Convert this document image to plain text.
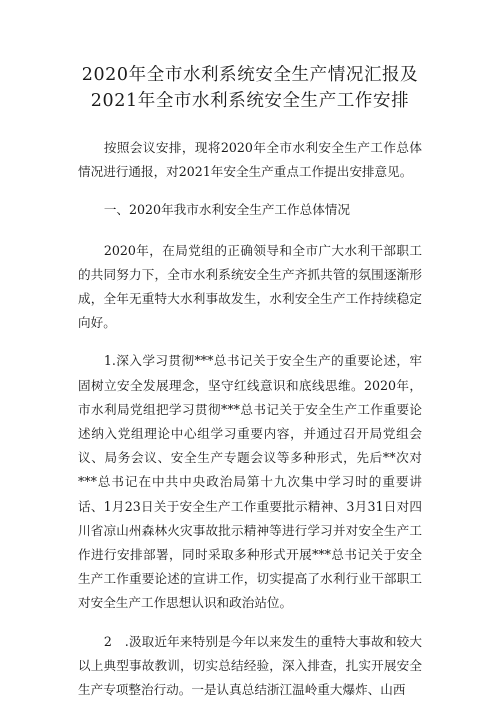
2020年全市水利系统安全生产情况汇报及
2021年全市水利系统安全生产工作安排

按照会议安排，现将2020年全市水利安全生产工作总体情况进行通报，对2021年安全生产重点工作提出安排意见。

一、2020年我市水利安全生产工作总体情况

2020年，在局党组的正确领导和全市广大水利干部职工的共同努力下，全市水利系统安全生产齐抓共管的氛围逐渐形成，全年无重特大水利事故发生，水利安全生产工作持续稳定向好。

1.深入学习贯彻***总书记关于安全生产的重要论述，牢固树立安全发展理念，坚守红线意识和底线思维。2020年，市水利局党组把学习贯彻***总书记关于安全生产工作重要论述纳入党组理论中心组学习重要内容，并通过召开局党组会议、局务会议、安全生产专题会议等多种形式，先后**次对***总书记在中共中央政治局第十九次集中学习时的重要讲话、1月23日关于安全生产工作重要批示精神、3月31日对四川省凉山州森林火灾事故批示精神等进行学习并对安全生产工作进行安排部署，同时采取多种形式开展***总书记关于安全生产工作重要论述的宣讲工作，切实提高了水利行业干部职工对安全生产工作思想认识和政治站位。

2　.汲取近年来特别是今年以来发生的重特大事故和较大以上典型事故教训，切实总结经验，深入排查，扎实开展安全生产专项整治行动。一是认真总结浙江温岭重大爆炸、山西
